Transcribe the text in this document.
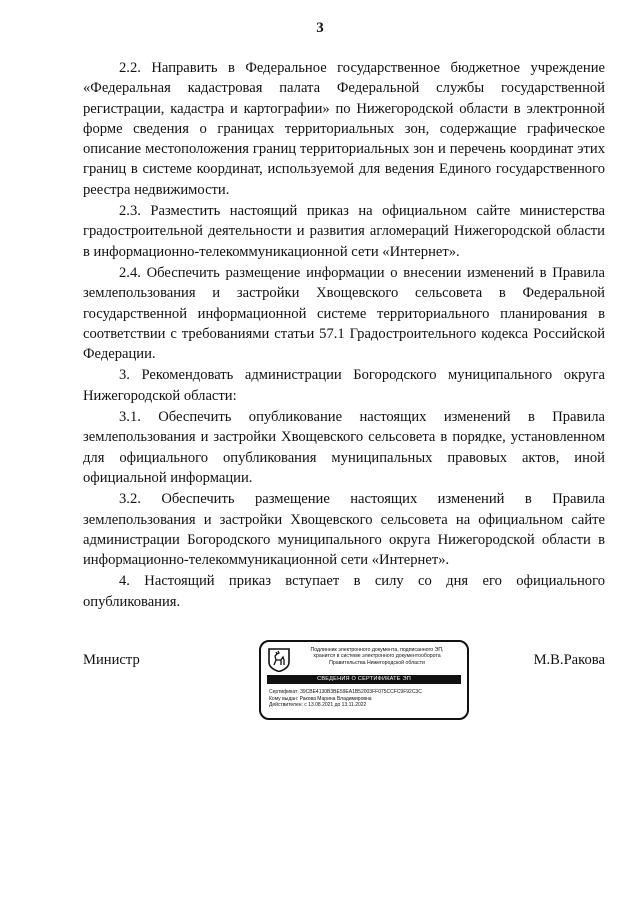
3

2.2. Направить в Федеральное государственное бюджетное учреждение «Федеральная кадастровая палата Федеральной службы государственной регистрации, кадастра и картографии» по Нижегородской области в электронной форме сведения о границах территориальных зон, содержащие графическое описание местоположения границ территориальных зон и перечень координат этих границ в системе координат, используемой для ведения Единого государственного реестра недвижимости.

2.3. Разместить настоящий приказ на официальном сайте министерства градостроительной деятельности и развития агломераций Нижегородской области в информационно-телекоммуникационной сети «Интернет».

2.4. Обеспечить размещение информации о внесении изменений в Правила землепользования и застройки Хвощевского сельсовета в Федеральной государственной информационной системе территориального планирования в соответствии с требованиями статьи 57.1 Градостроительного кодекса Российской Федерации.

3. Рекомендовать администрации Богородского муниципального округа Нижегородской области:

3.1. Обеспечить опубликование настоящих изменений в Правила землепользования и застройки Хвощевского сельсовета в порядке, установленном для официального опубликования муниципальных правовых актов, иной официальной информации.

3.2. Обеспечить размещение настоящих изменений в Правила землепользования и застройки Хвощевского сельсовета на официальном сайте администрации Богородского муниципального округа Нижегородской области в информационно-телекоммуникационной сети «Интернет».

4. Настоящий приказ вступает в силу со дня его официального опубликования.

Министр	М.В.Ракова
Подлинник электронного документа, подписанного ЭП,
хранится в системе электронного документооборота
Правительства Нижегородской области
СВЕДЕНИЯ О СЕРТИФИКАТЕ ЭП
Сертификат: 39CBE4130B3BE59EA1B52003FF075CCFC9F92C3C
Кому выдан: Ракова Марина Владимировна
Действителен: с 13.08.2021 до 13.11.2022
